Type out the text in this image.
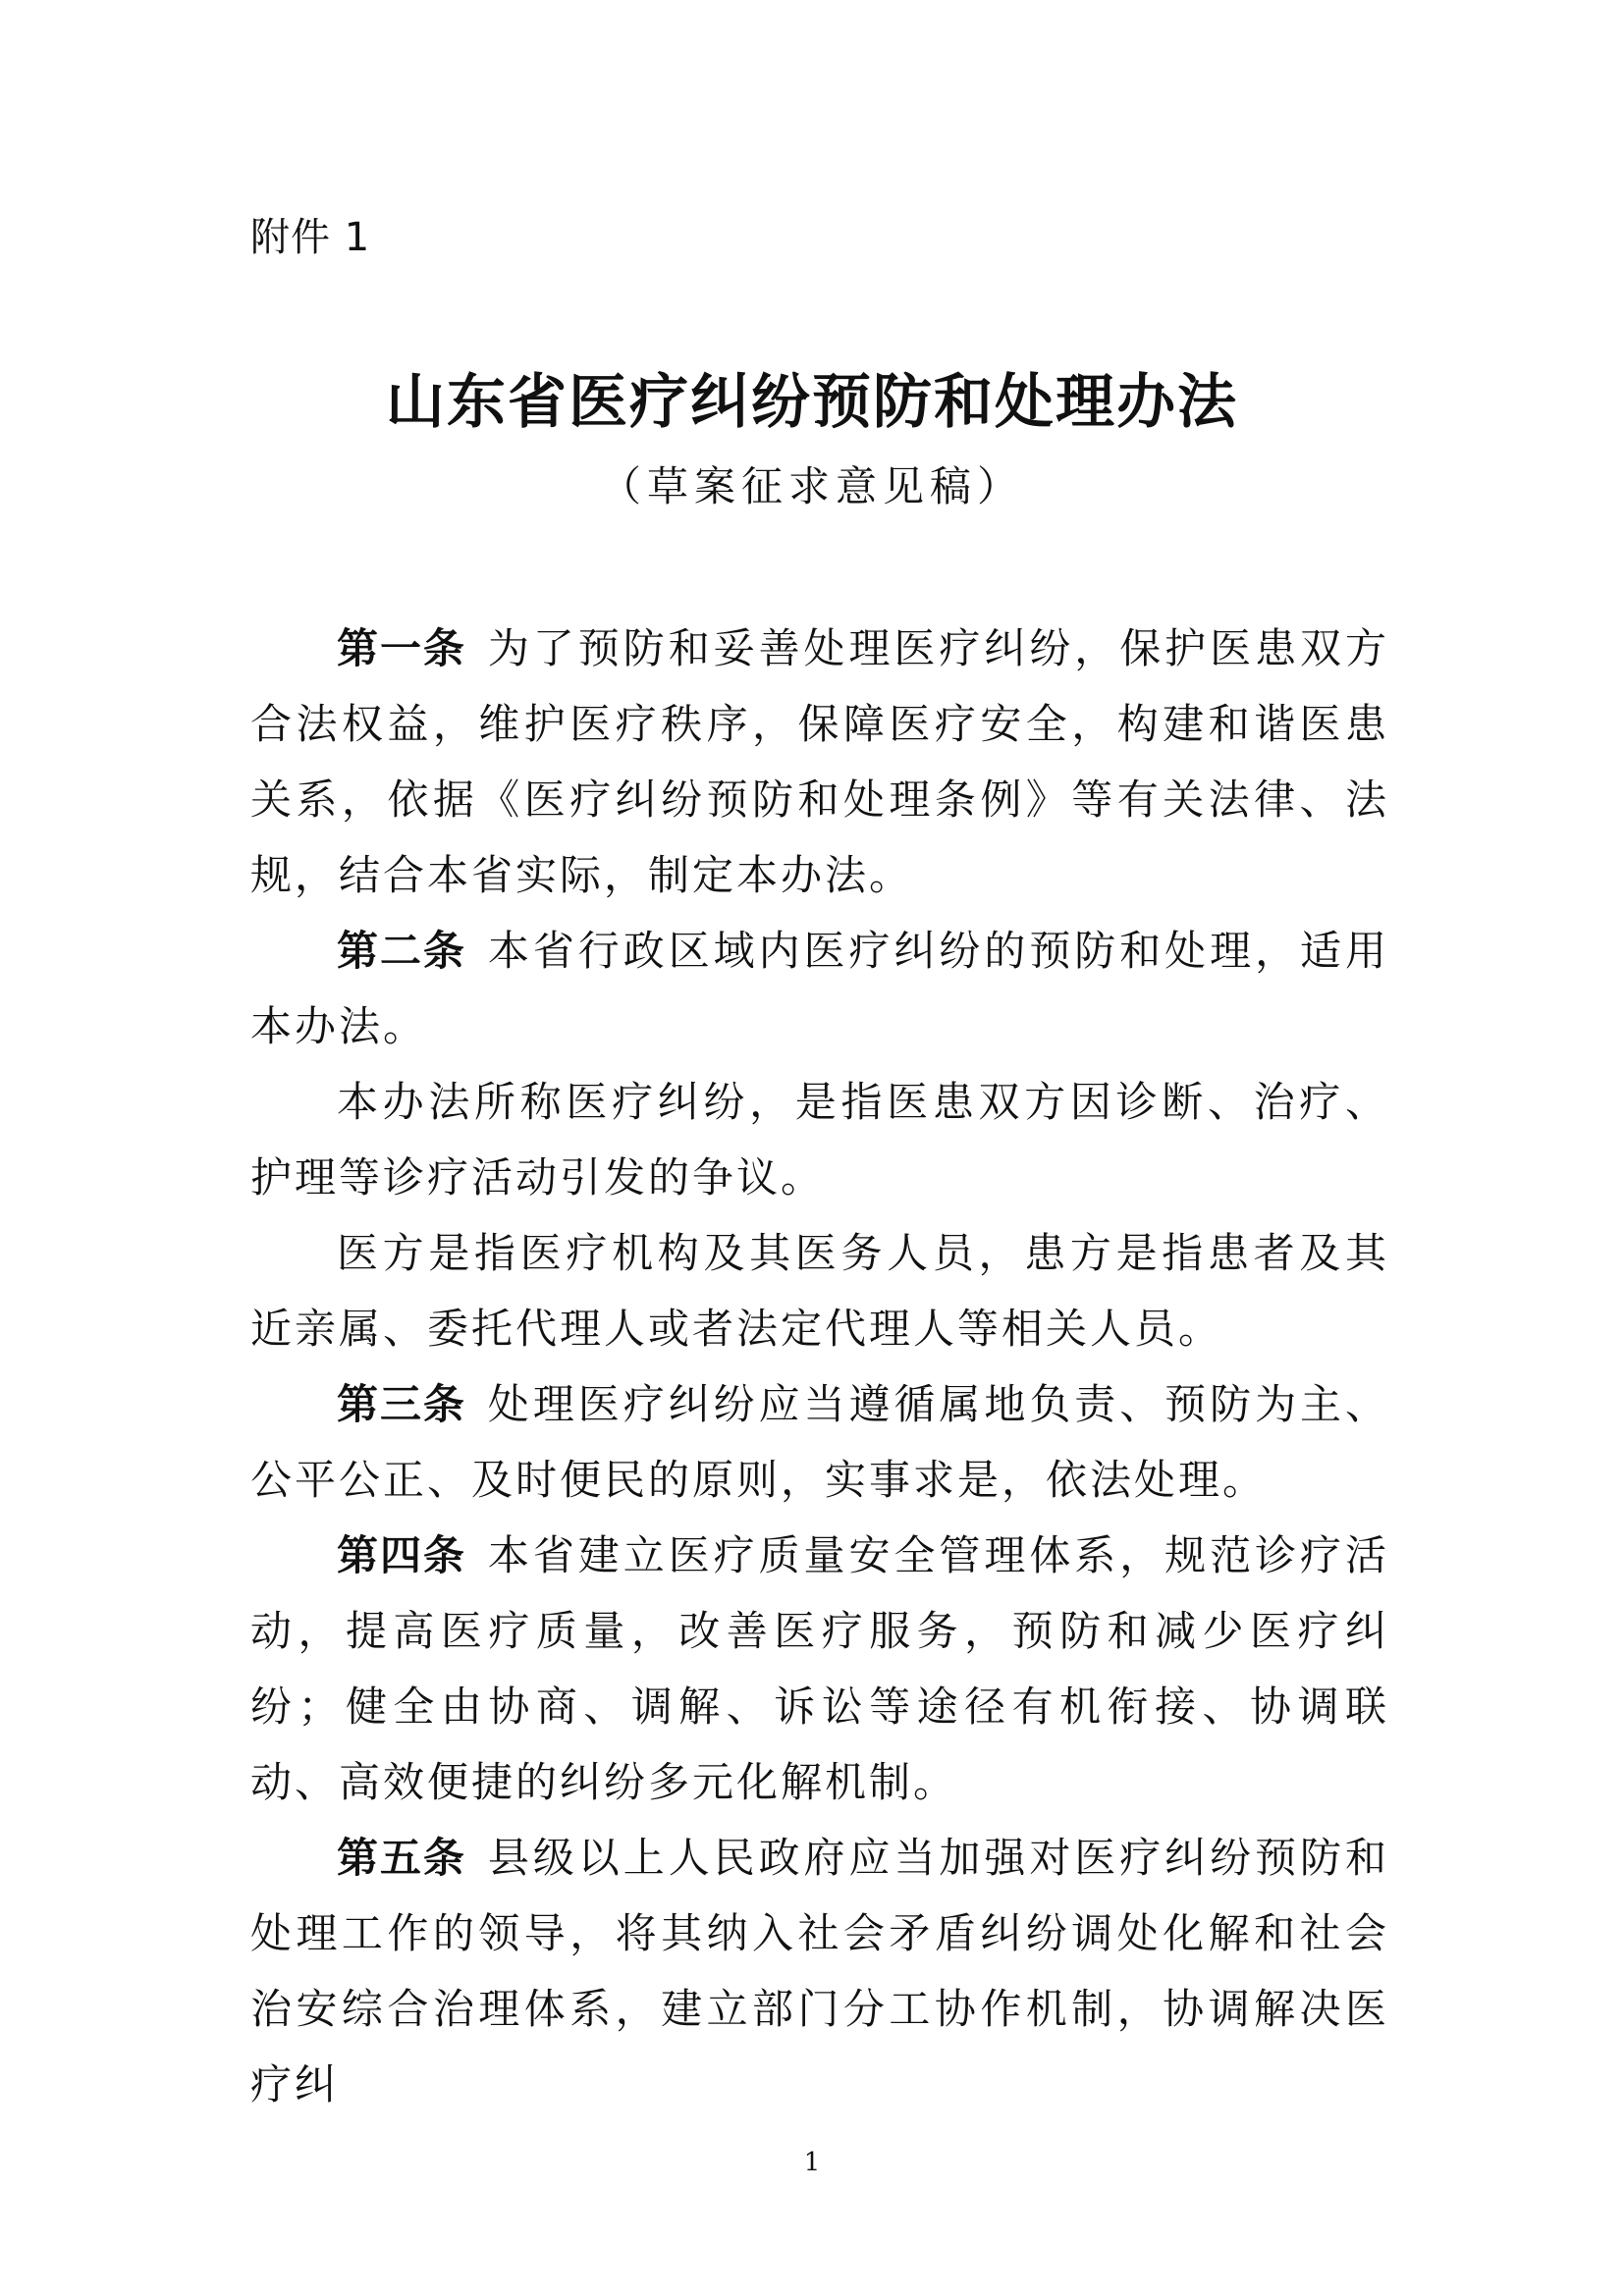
附件 1
山东省医疗纠纷预防和处理办法
（草案征求意见稿）

第一条 为了预防和妥善处理医疗纠纷，保护医患双方合法权益，维护医疗秩序，保障医疗安全，构建和谐医患关系，依据《医疗纠纷预防和处理条例》等有关法律、法规，结合本省实际，制定本办法。

第二条 本省行政区域内医疗纠纷的预防和处理，适用本办法。

本办法所称医疗纠纷，是指医患双方因诊断、治疗、护理等诊疗活动引发的争议。

医方是指医疗机构及其医务人员，患方是指患者及其近亲属、委托代理人或者法定代理人等相关人员。

第三条 处理医疗纠纷应当遵循属地负责、预防为主、公平公正、及时便民的原则，实事求是，依法处理。

第四条 本省建立医疗质量安全管理体系，规范诊疗活动，提高医疗质量，改善医疗服务，预防和减少医疗纠纷；健全由协商、调解、诉讼等途径有机衔接、协调联动、高效便捷的纠纷多元化解机制。

第五条 县级以上人民政府应当加强对医疗纠纷预防和处理工作的领导，将其纳入社会矛盾纠纷调处化解和社会治安综合治理体系，建立部门分工协作机制，协调解决医疗纠

1
